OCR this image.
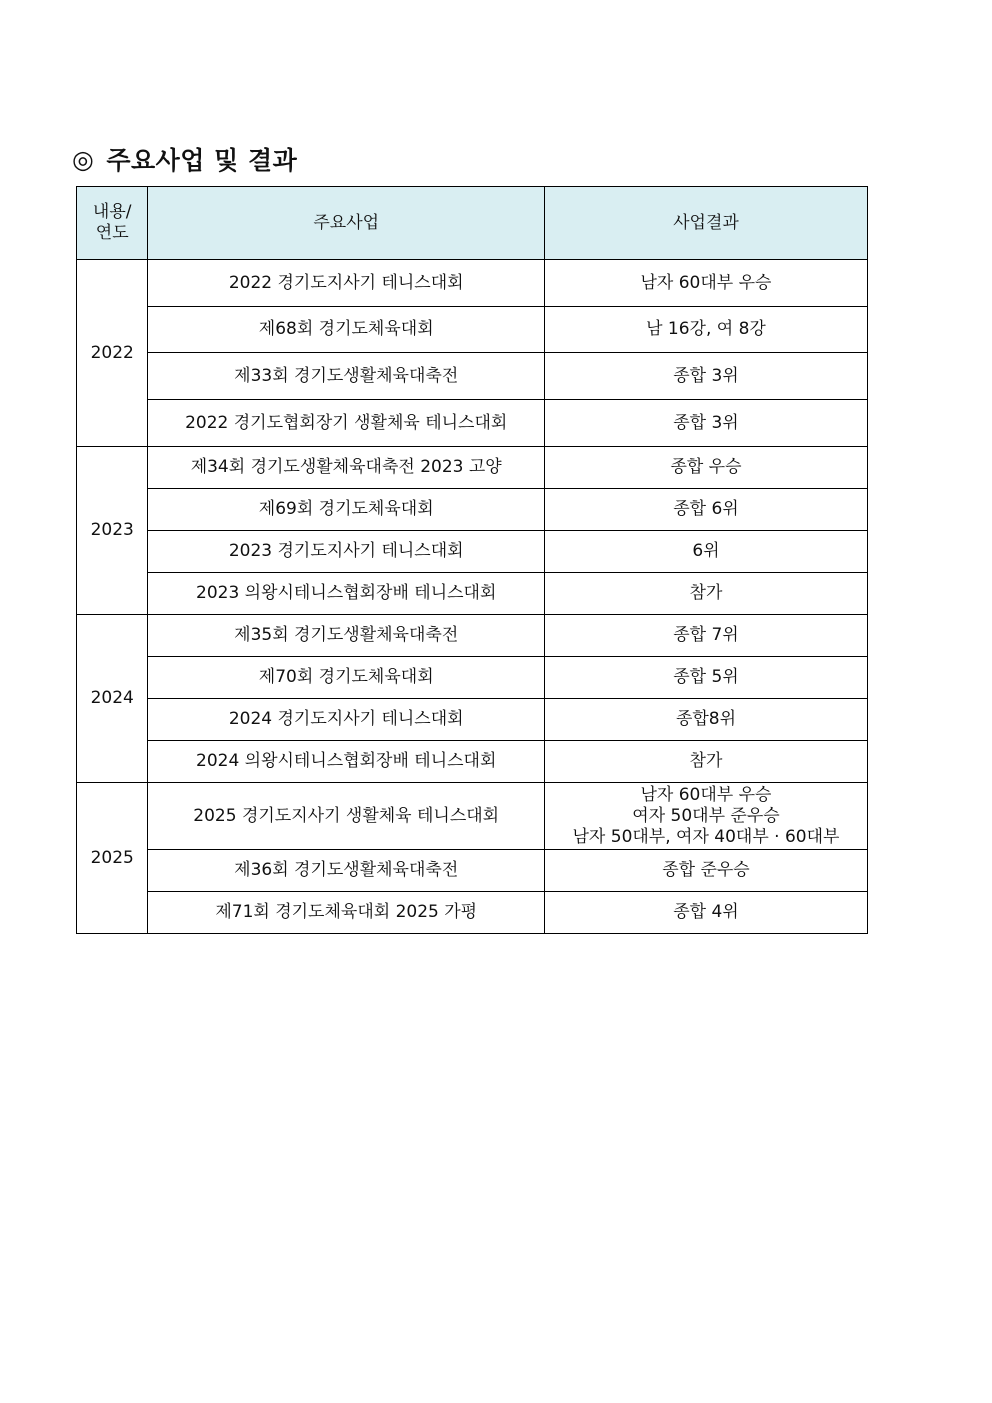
◎ 주요사업 및 결과
내용/
연도	주요사업	사업결과
2022	2022 경기도지사기 테니스대회	남자 60대부 우승

	제68회 경기도체육대회	남 16강, 여 8강

	제33회 경기도생활체육대축전	종합 3위

	2022 경기도협회장기 생활체육 테니스대회	종합 3위

2023	제34회 경기도생활체육대축전 2023 고양	종합 우승

	제69회 경기도체육대회	종합 6위

	2023 경기도지사기 테니스대회	6위

	2023 의왕시테니스협회장배 테니스대회	참가

2024	제35회 경기도생활체육대축전	종합 7위

	제70회 경기도체육대회	종합 5위

	2024 경기도지사기 테니스대회	종합8위

	2024 의왕시테니스협회장배 테니스대회	참가

2025	2025 경기도지사기 생활체육 테니스대회	남자 60대부 우승
여자 50대부 준우승
남자 50대부, 여자 40대부 · 60대부

	제36회 경기도생활체육대축전	종합 준우승

	제71회 경기도체육대회 2025 가평	종합 4위
